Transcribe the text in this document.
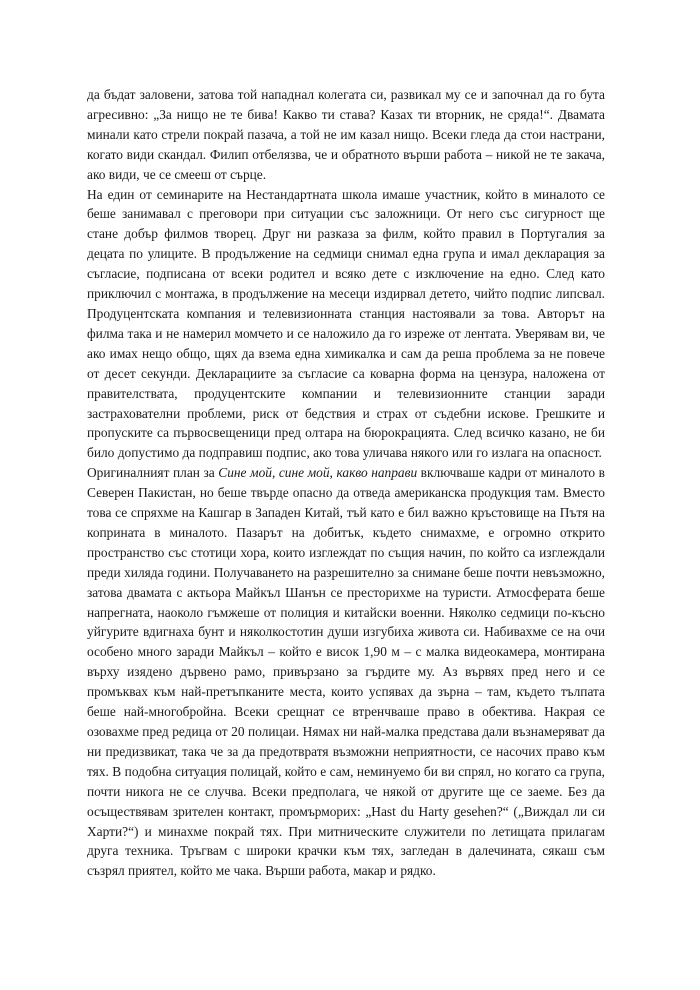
да бъдат заловени, затова той нападнал колегата си, развикал му се и започнал да го бута агресивно: „За нищо не те бива! Какво ти става? Казах ти вторник, не сряда!“. Двамата минали като стрели покрай пазача, а той не им казал нищо. Всеки гледа да стои настрани, когато види скандал. Филип отбелязва, че и обратното върши работа – никой не те закача, ако види, че се смееш от сърце.

На един от семинарите на Нестандартната школа имаше участник, който в миналото се беше занимавал с преговори при ситуации със заложници. От него със сигурност ще стане добър филмов творец. Друг ни разказа за филм, който правил в Португалия за децата по улиците. В продължение на седмици снимал една група и имал декларация за съгласие, подписана от всеки родител и всяко дете с изключение на едно. След като приключил с монтажа, в продължение на месеци издирвал детето, чийто подпис липсвал. Продуцентската компания и телевизионната станция настоявали за това. Авторът на филма така и не намерил момчето и се наложило да го изреже от лентата. Уверявам ви, че ако имах нещо общо, щях да взема една химикалка и сам да реша проблема за не повече от десет секунди. Декларациите за съгласие са коварна форма на цензура, наложена от правителствата, продуцентските компании и телевизионните станции заради застрахователни проблеми, риск от бедствия и страх от съдебни искове. Грешките и пропуските са първосвещеници пред олтара на бюрокрацията. След всичко казано, не би било допустимо да подправиш подпис, ако това уличава някого или го излага на опасност.

Оригиналният план за Сине мой, сине мой, какво направи включваше кадри от миналото в Северен Пакистан, но беше твърде опасно да отведа американска продукция там. Вместо това се спряхме на Кашгар в Западен Китай, тъй като е бил важно кръстовище на Пътя на коприната в миналото. Пазарът на добитък, където снимахме, е огромно открито пространство със стотици хора, които изглеждат по същия начин, по който са изглеждали преди хиляда години. Получаването на разрешително за снимане беше почти невъзможно, затова двамата с актьора Майкъл Шанън се престорихме на туристи. Атмосферата беше напрегната, наоколо гъмжеше от полиция и китайски военни. Няколко седмици по-късно уйгурите вдигнаха бунт и няколкостотин души изгубиха живота си. Набивахме се на очи особено много заради Майкъл – който е висок 1,90 м – с малка видеокамера, монтирана върху изядено дървено рамо, привързано за гърдите му. Аз вървях пред него и се промъквах към най-претъпканите места, които успявах да зърна – там, където тълпата беше най-многобройна. Всеки срещнат се втренчваше право в обектива. Накрая се озовахме пред редица от 20 полицаи. Нямах ни най-малка представа дали възнамеряват да ни предизвикат, така че за да предотвратя възможни неприятности, се насочих право към тях. В подобна ситуация полицай, който е сам, неминуемо би ви спрял, но когато са група, почти никога не се случва. Всеки предполага, че някой от другите ще се заеме. Без да осъществявам зрителен контакт, промърморих: „Hast du Harty gesehen?“ („Виждал ли си Харти?“) и минахме покрай тях. При митническите служители по летищата прилагам друга техника. Тръгвам с широки крачки към тях, загледан в далечината, сякаш съм съзрял приятел, който ме чака. Върши работа, макар и рядко.
